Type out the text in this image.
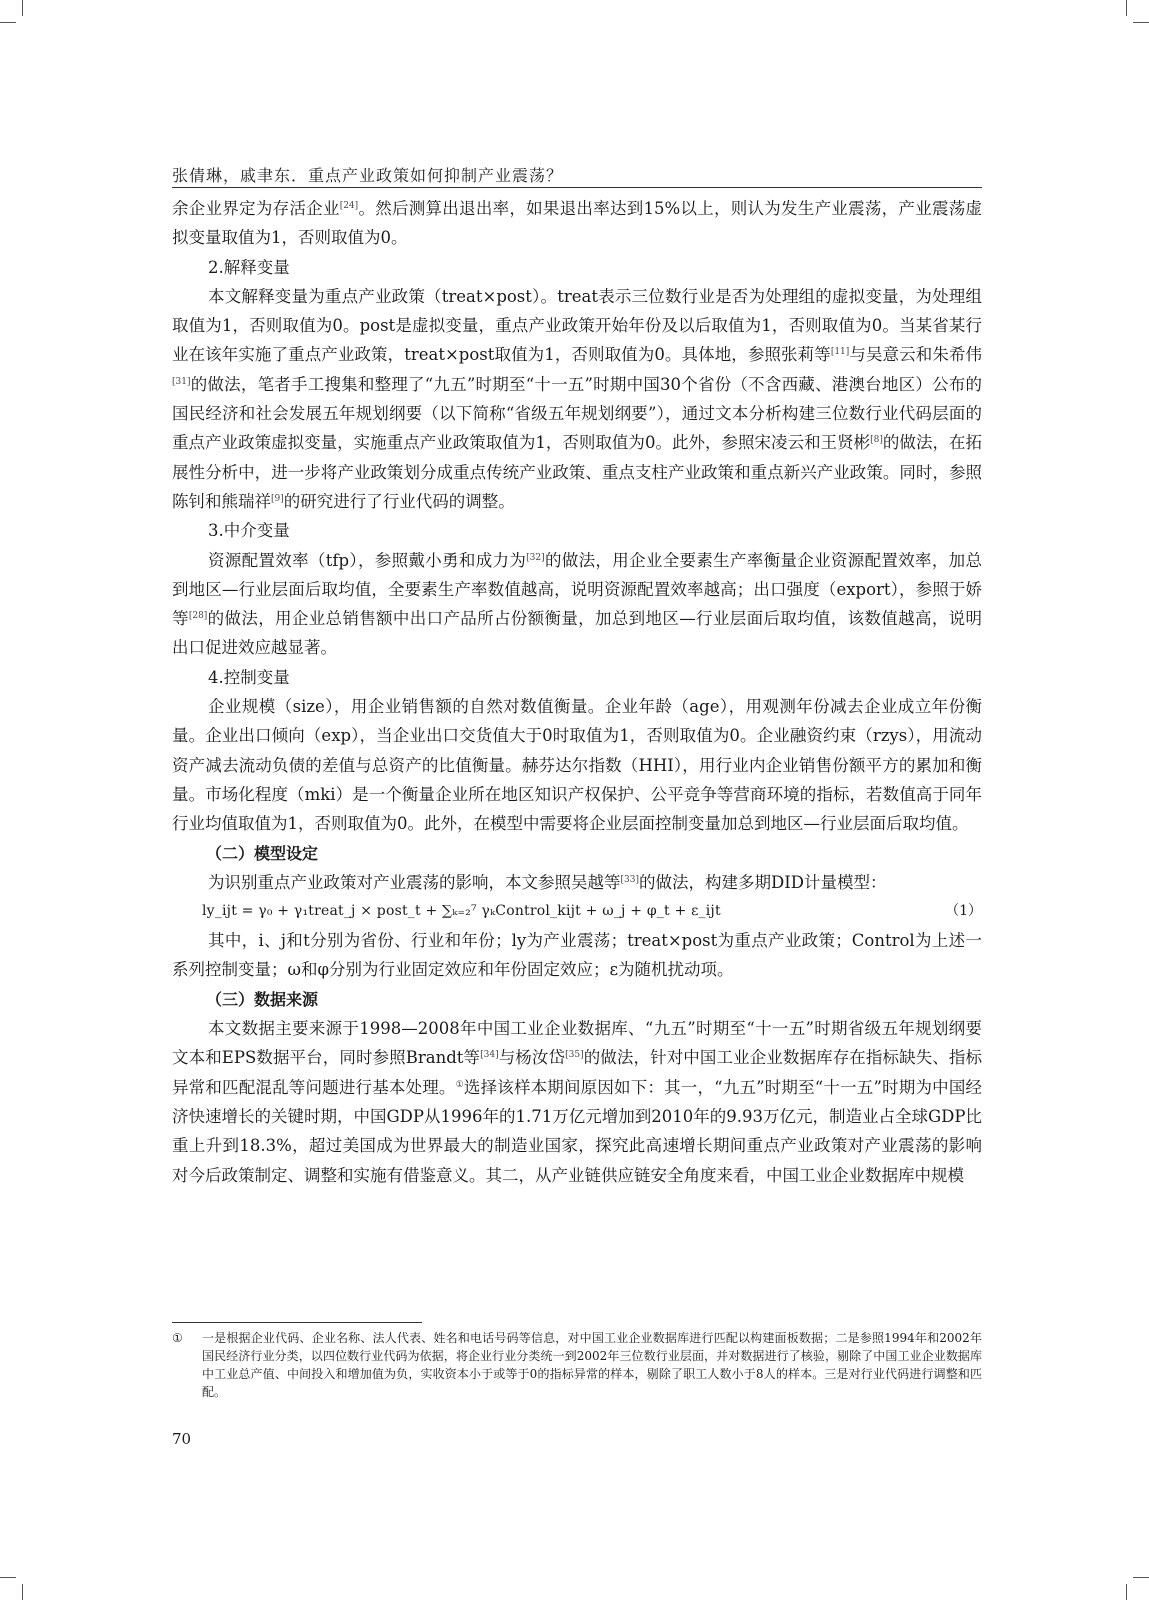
张倩琳，戚聿东．重点产业政策如何抑制产业震荡？

余企业界定为存活企业[24]。然后测算出退出率，如果退出率达到15%以上，则认为发生产业震荡，产业震荡虚拟变量取值为1，否则取值为0。

2.解释变量

本文解释变量为重点产业政策（treat×post）。treat表示三位数行业是否为处理组的虚拟变量，为处理组取值为1，否则取值为0。post是虚拟变量，重点产业政策开始年份及以后取值为1，否则取值为0。当某省某行业在该年实施了重点产业政策，treat×post取值为1，否则取值为0。具体地，参照张莉等[11]与吴意云和朱希伟[31]的做法，笔者手工搜集和整理了“九五”时期至“十一五”时期中国30个省份（不含西藏、港澳台地区）公布的国民经济和社会发展五年规划纲要（以下简称“省级五年规划纲要”），通过文本分析构建三位数行业代码层面的重点产业政策虚拟变量，实施重点产业政策取值为1，否则取值为0。此外，参照宋凌云和王贤彬[8]的做法，在拓展性分析中，进一步将产业政策划分成重点传统产业政策、重点支柱产业政策和重点新兴产业政策。同时，参照陈钊和熊瑞祥[9]的研究进行了行业代码的调整。

3.中介变量

资源配置效率（tfp），参照戴小勇和成力为[32]的做法，用企业全要素生产率衡量企业资源配置效率，加总到地区—行业层面后取均值，全要素生产率数值越高，说明资源配置效率越高；出口强度（export），参照于娇等[28]的做法，用企业总销售额中出口产品所占份额衡量，加总到地区—行业层面后取均值，该数值越高，说明出口促进效应越显著。

4.控制变量

企业规模（size），用企业销售额的自然对数值衡量。企业年龄（age），用观测年份减去企业成立年份衡量。企业出口倾向（exp），当企业出口交货值大于0时取值为1，否则取值为0。企业融资约束（rzys），用流动资产减去流动负债的差值与总资产的比值衡量。赫芬达尔指数（HHI），用行业内企业销售份额平方的累加和衡量。市场化程度（mki）是一个衡量企业所在地区知识产权保护、公平竞争等营商环境的指标，若数值高于同年行业均值取值为1，否则取值为0。此外，在模型中需要将企业层面控制变量加总到地区—行业层面后取均值。

（二）模型设定

为识别重点产业政策对产业震荡的影响，本文参照吴越等[33]的做法，构建多期DID计量模型：

ly_ijt = γ₀ + γ₁treat_j × post_t + ∑ₖ₌₂⁷ γₖControl_kijt + ω_j + φ_t + ε_ijt	（1）

其中，i、j和t分别为省份、行业和年份；ly为产业震荡；treat×post为重点产业政策；Control为上述一系列控制变量；ω和φ分别为行业固定效应和年份固定效应；ε为随机扰动项。

（三）数据来源

本文数据主要来源于1998—2008年中国工业企业数据库、“九五”时期至“十一五”时期省级五年规划纲要文本和EPS数据平台，同时参照Brandt等[34]与杨汝岱[35]的做法，针对中国工业企业数据库存在指标缺失、指标异常和匹配混乱等问题进行基本处理。①选择该样本期间原因如下：其一，“九五”时期至“十一五”时期为中国经济快速增长的关键时期，中国GDP从1996年的1.71万亿元增加到2010年的9.93万亿元，制造业占全球GDP比重上升到18.3%，超过美国成为世界最大的制造业国家，探究此高速增长期间重点产业政策对产业震荡的影响对今后政策制定、调整和实施有借鉴意义。其二，从产业链供应链安全角度来看，中国工业企业数据库中规模

①	一是根据企业代码、企业名称、法人代表、姓名和电话号码等信息，对中国工业企业数据库进行匹配以构建面板数据；二是参照1994年和2002年国民经济行业分类，以四位数行业代码为依据，将企业行业分类统一到2002年三位数行业层面，并对数据进行了核验，剔除了中国工业企业数据库中工业总产值、中间投入和增加值为负，实收资本小于或等于0的指标异常的样本，剔除了职工人数小于8人的样本。三是对行业代码进行调整和匹配。
70
